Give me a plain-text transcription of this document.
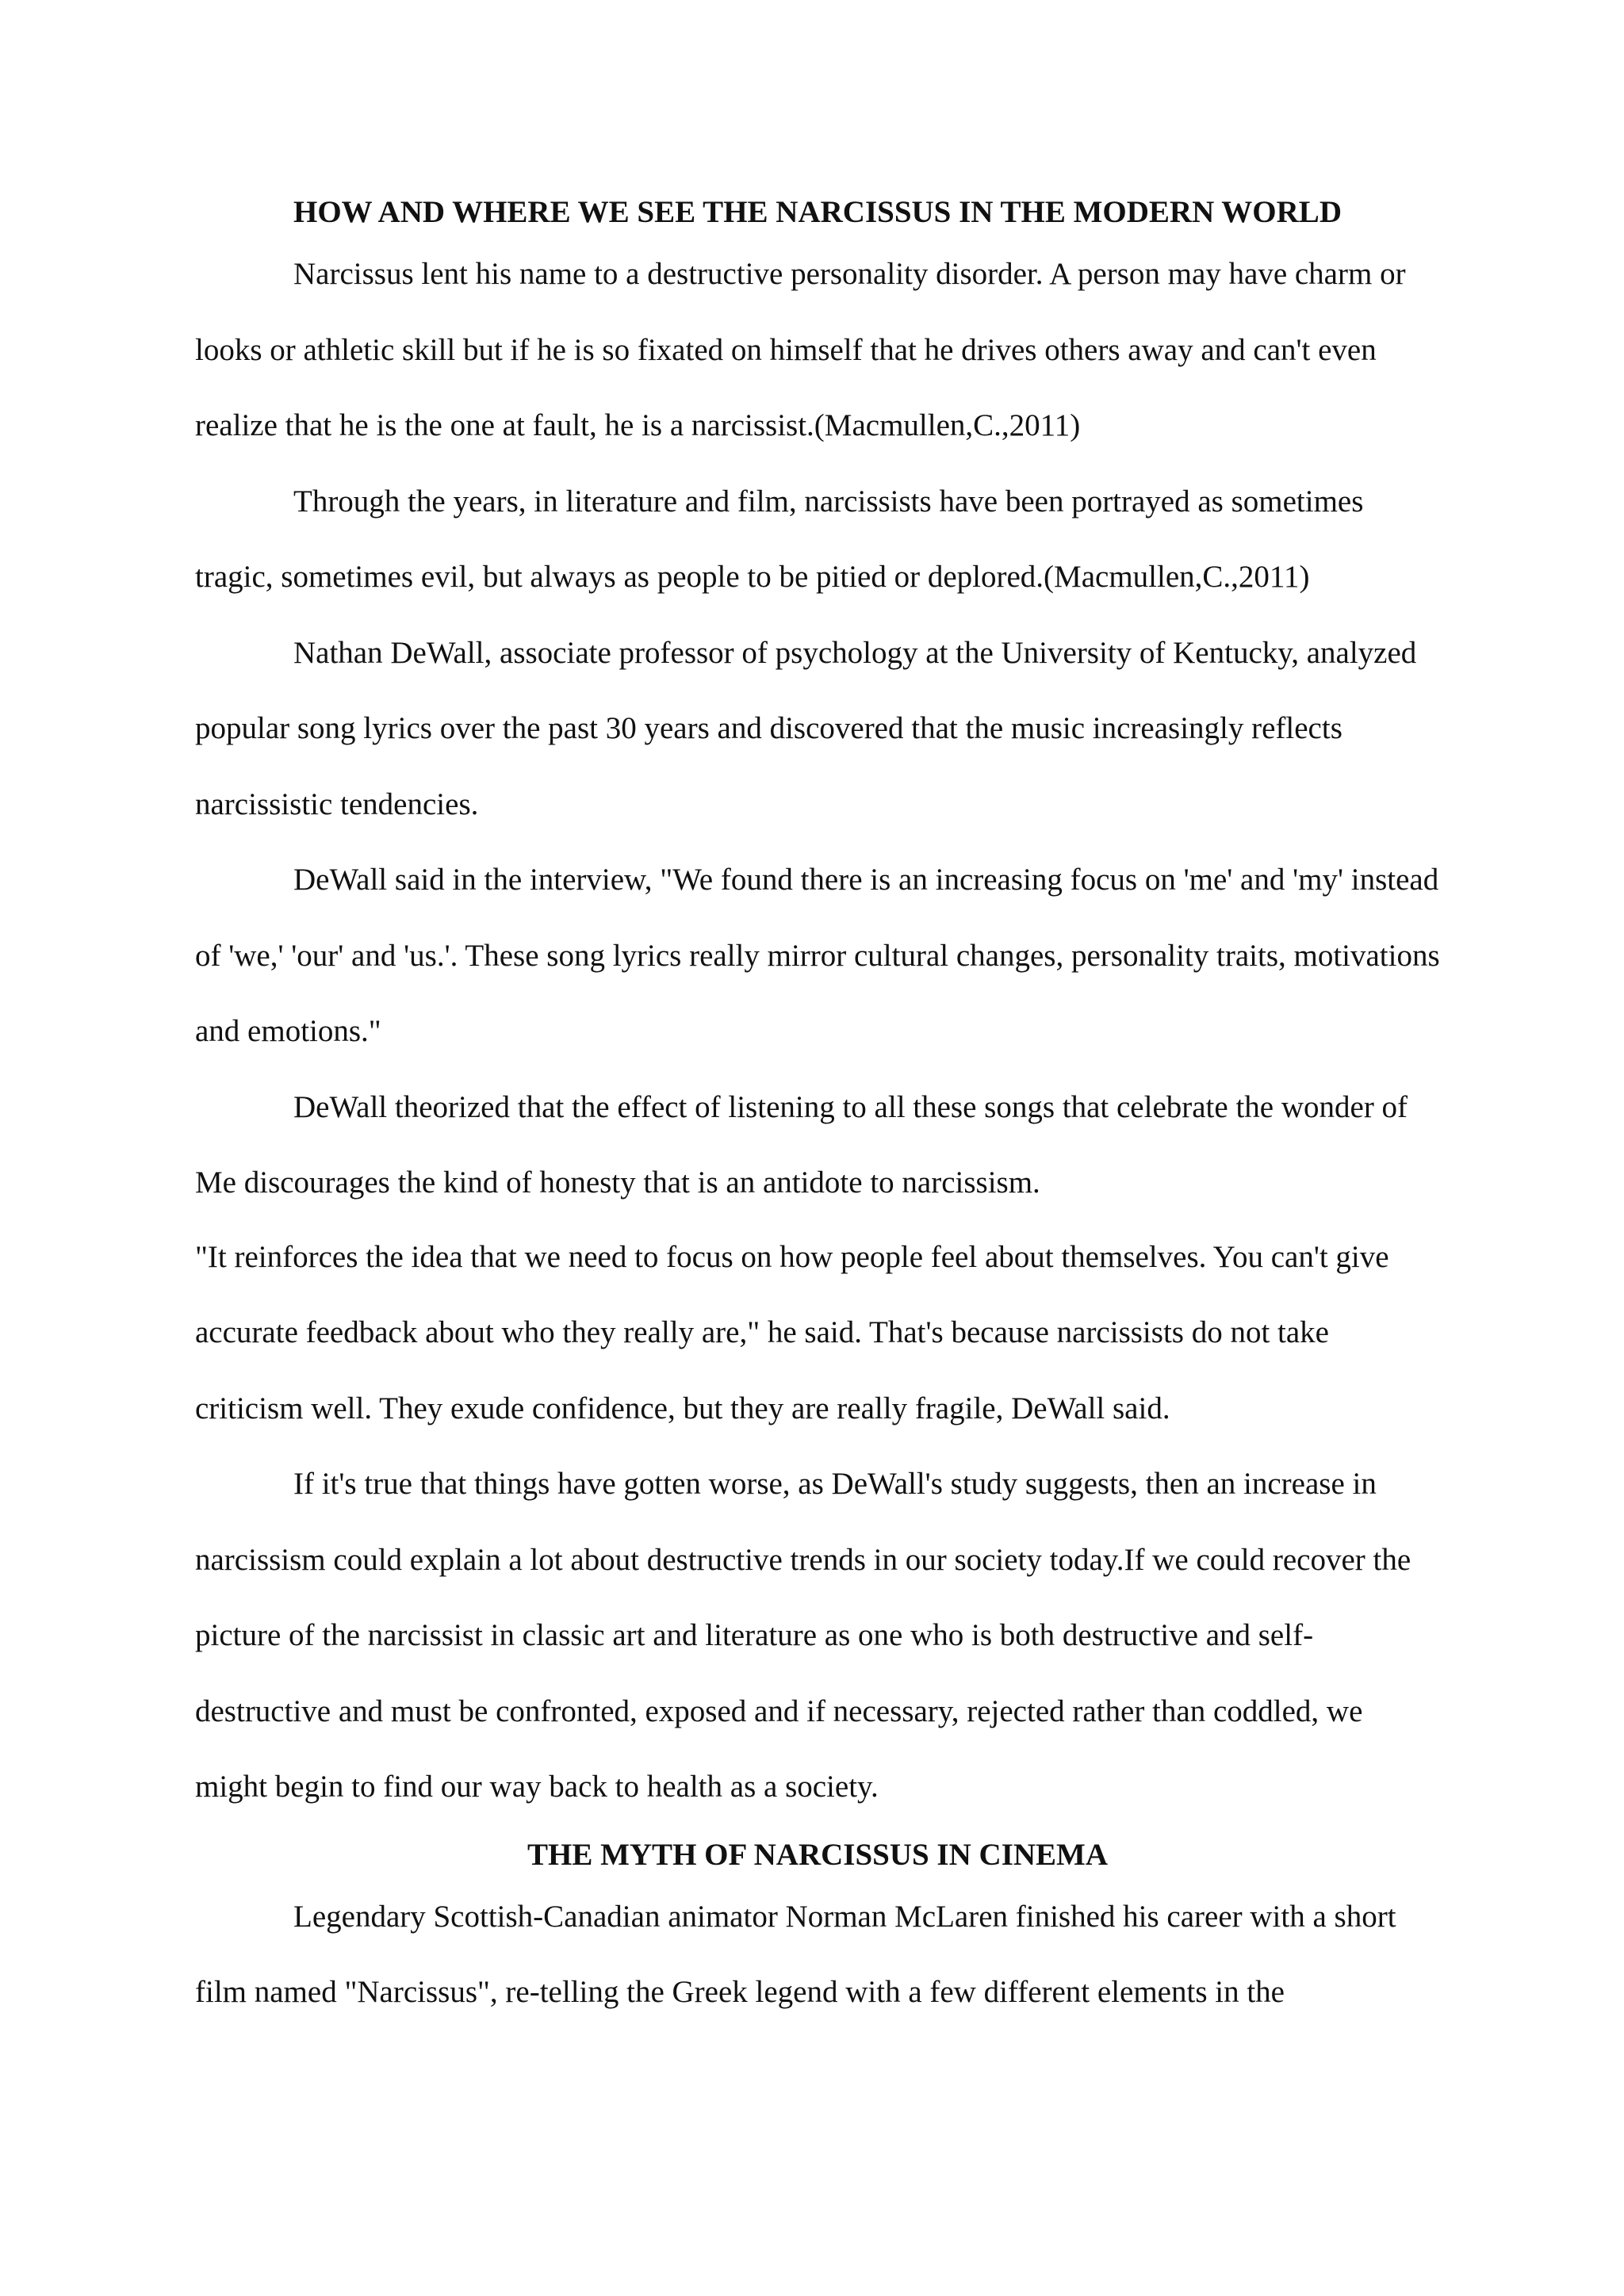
HOW AND WHERE WE SEE THE NARCISSUS IN THE MODERN WORLD

Narcissus lent his name to a destructive personality disorder. A person may have charm or looks or athletic skill but if he is so fixated on himself that he drives others away and can't even realize that he is the one at fault, he is a narcissist.(Macmullen,C.,2011)

Through the years, in literature and film, narcissists have been portrayed as sometimes tragic, sometimes evil, but always as people to be pitied or deplored.(Macmullen,C.,2011)

Nathan DeWall, associate professor of psychology at the University of Kentucky, analyzed popular song lyrics over the past 30 years and discovered that the music increasingly reflects narcissistic tendencies.

DeWall said in the interview, "We found there is an increasing focus on 'me' and 'my' instead of 'we,' 'our' and 'us.'. These song lyrics really mirror cultural changes, personality traits, motivations and emotions."

DeWall theorized that the effect of listening to all these songs that celebrate the wonder of Me discourages the kind of honesty that is an antidote to narcissism.

"It reinforces the idea that we need to focus on how people feel about themselves. You can't give accurate feedback about who they really are," he said. That's because narcissists do not take criticism well. They exude confidence, but they are really fragile, DeWall said.

If it's true that things have gotten worse, as DeWall's study suggests, then an increase in narcissism could explain a lot about destructive trends in our society today.If we could recover the picture of the narcissist in classic art and literature as one who is both destructive and self-destructive and must be confronted, exposed and if necessary, rejected rather than coddled, we might begin to find our way back to health as a society.

THE MYTH OF NARCISSUS IN CINEMA

Legendary Scottish-Canadian animator Norman McLaren finished his career with a short film named "Narcissus", re-telling the Greek legend with a few different elements in the
